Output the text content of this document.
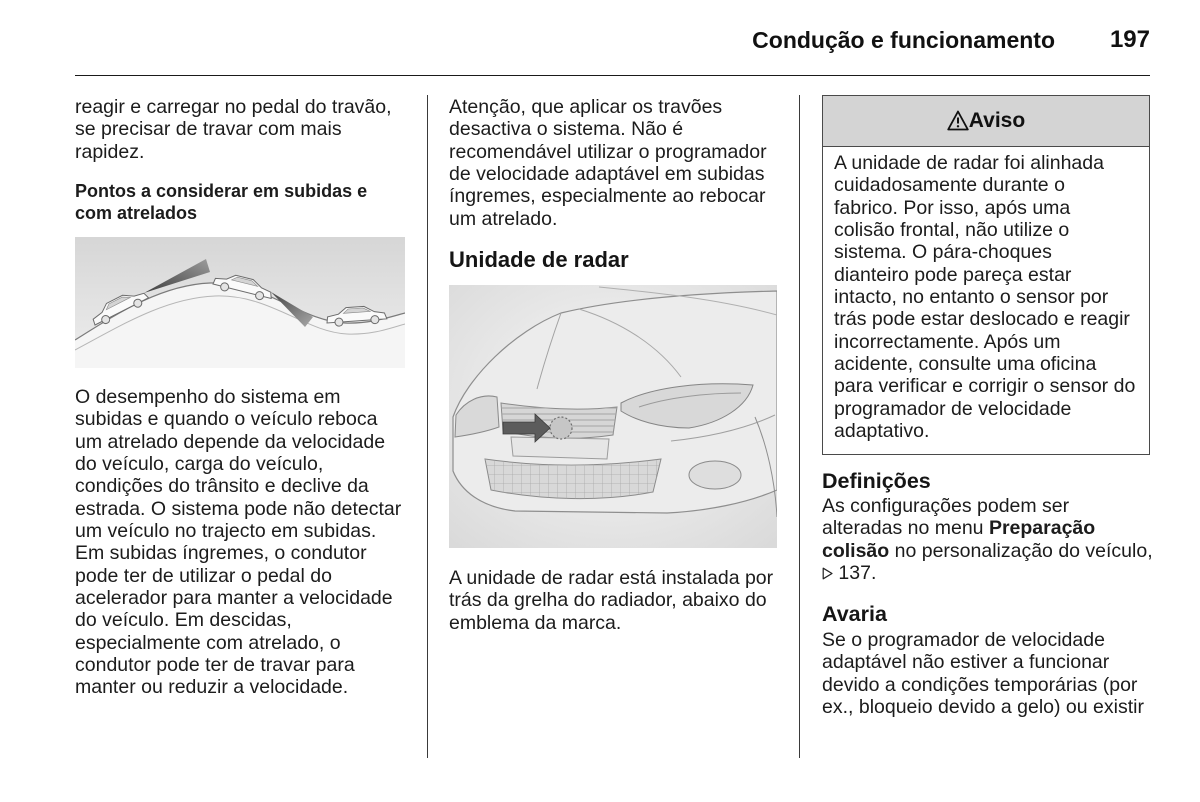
Condução e funcionamento 197
reagir e carregar no pedal do travão,
se precisar de travar com mais
rapidez.
Pontos a considerar em subidas e
com atrelados
O desempenho do sistema em
subidas e quando o veículo reboca
um atrelado depende da velocidade
do veículo, carga do veículo,
condições do trânsito e declive da
estrada. O sistema pode não detectar
um veículo no trajecto em subidas.
Em subidas íngremes, o condutor
pode ter de utilizar o pedal do
acelerador para manter a velocidade
do veículo. Em descidas,
especialmente com atrelado, o
condutor pode ter de travar para
manter ou reduzir a velocidade.
Atenção, que aplicar os travões
desactiva o sistema. Não é
recomendável utilizar o programador
de velocidade adaptável em subidas
íngremes, especialmente ao rebocar
um atrelado.
Unidade de radar
A unidade de radar está instalada por
trás da grelha do radiador, abaixo do
emblema da marca.
Aviso
A unidade de radar foi alinhada
cuidadosamente durante o
fabrico. Por isso, após uma
colisão frontal, não utilize o
sistema. O pára-choques
dianteiro pode pareça estar
intacto, no entanto o sensor por
trás pode estar deslocado e reagir
incorrectamente. Após um
acidente, consulte uma oficina
para verificar e corrigir o sensor do
programador de velocidade
adaptativo.
Definições
As configurações podem ser
alteradas no menu Preparação
colisão no personalização do veículo,
137.
Avaria
Se o programador de velocidade
adaptável não estiver a funcionar
devido a condições temporárias (por
ex., bloqueio devido a gelo) ou existir
